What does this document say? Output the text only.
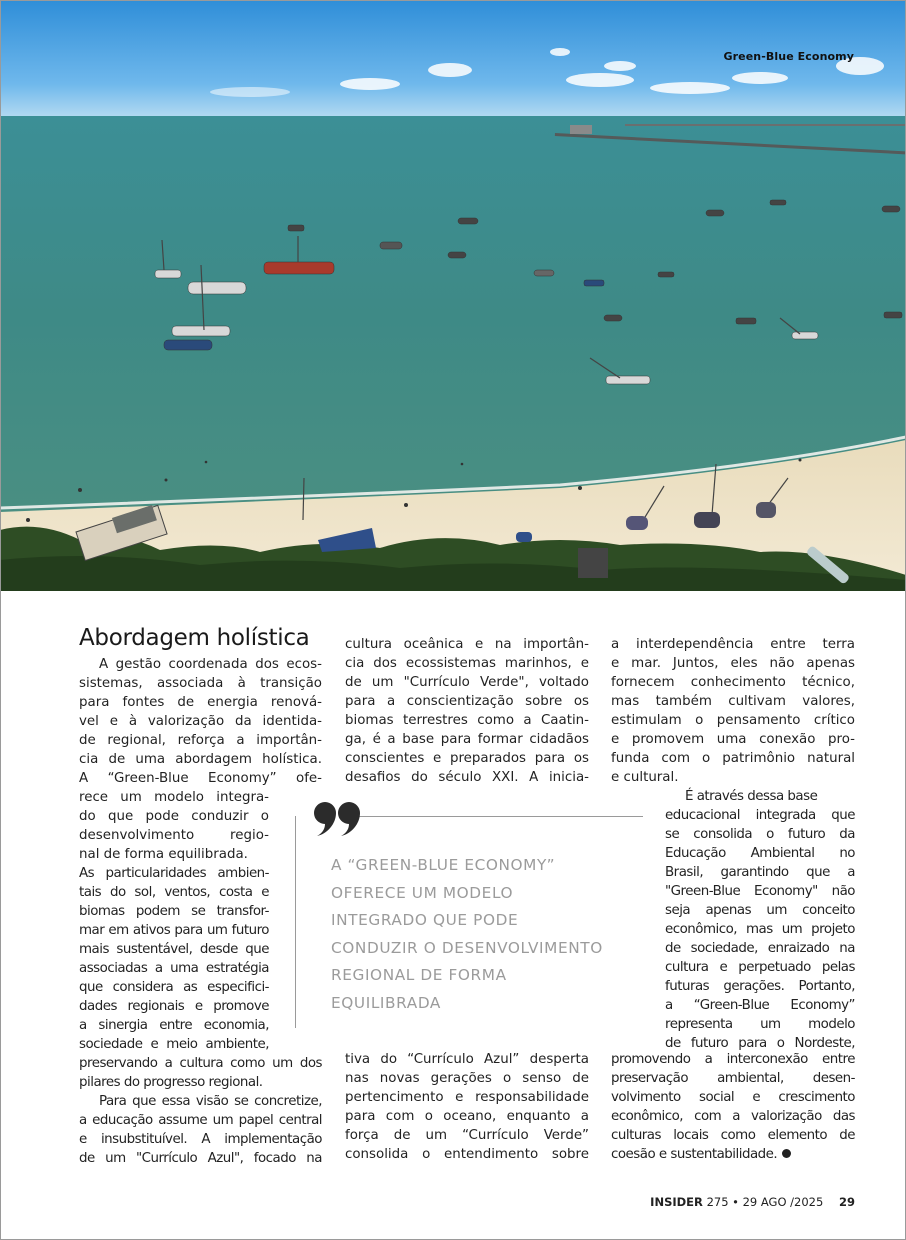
Green-Blue Economy
Abordagem holística
A gestão coordenada dos ecos-
sistemas, associada à transição
para fontes de energia renová-
vel e à valorização da identida-
de regional, reforça a importân-
cia de uma abordagem holística.
A “Green-Blue Economy” ofe-
rece um modelo integra-
do que pode conduzir o
desenvolvimento regio-
nal de forma equilibrada.
As particularidades ambien-
tais do sol, ventos, costa e
biomas podem se transfor-
mar em ativos para um futuro
mais sustentável, desde que
associadas a uma estratégia
que considera as especifici-
dades regionais e promove
a sinergia entre economia,
sociedade e meio ambiente,
preservando a cultura como um dos
pilares do progresso regional.
Para que essa visão se concretize,
a educação assume um papel central
e insubstituível. A implementação
de um "Currículo Azul", focado na
cultura oceânica e na importân-
cia dos ecossistemas marinhos, e
de um "Currículo Verde", voltado
para a conscientização sobre os
biomas terrestres como a Caatin-
ga, é a base para formar cidadãos
conscientes e preparados para os
desafios do século XXI. A inicia-
tiva do “Currículo Azul” desperta
nas novas gerações o senso de
pertencimento e responsabilidade
para com o oceano, enquanto a
força de um “Currículo Verde”
consolida o entendimento sobre
a interdependência entre terra
e mar. Juntos, eles não apenas
fornecem conhecimento técnico,
mas também cultivam valores,
estimulam o pensamento crítico
e promovem uma conexão pro-
funda com o patrimônio natural
e cultural.
É através dessa base
educacional integrada que
se consolida o futuro da
Educação Ambiental no
Brasil, garantindo que a
"Green-Blue Economy" não
seja apenas um conceito
econômico, mas um projeto
de sociedade, enraizado na
cultura e perpetuado pelas
futuras gerações. Portanto,
a “Green-Blue Economy”
representa um modelo
de futuro para o Nordeste,
promovendo a interconexão entre
preservação ambiental, desen-
volvimento social e crescimento
econômico, com a valorização das
culturas locais como elemento de
coesão e sustentabilidade.
A “GREEN-BLUE ECONOMY”
OFERECE UM MODELO
INTEGRADO QUE PODE
CONDUZIR O DESENVOLVIMENTO
REGIONAL DE FORMA
EQUILIBRADA
INSIDER 275 • 29 AGO /2025 29
